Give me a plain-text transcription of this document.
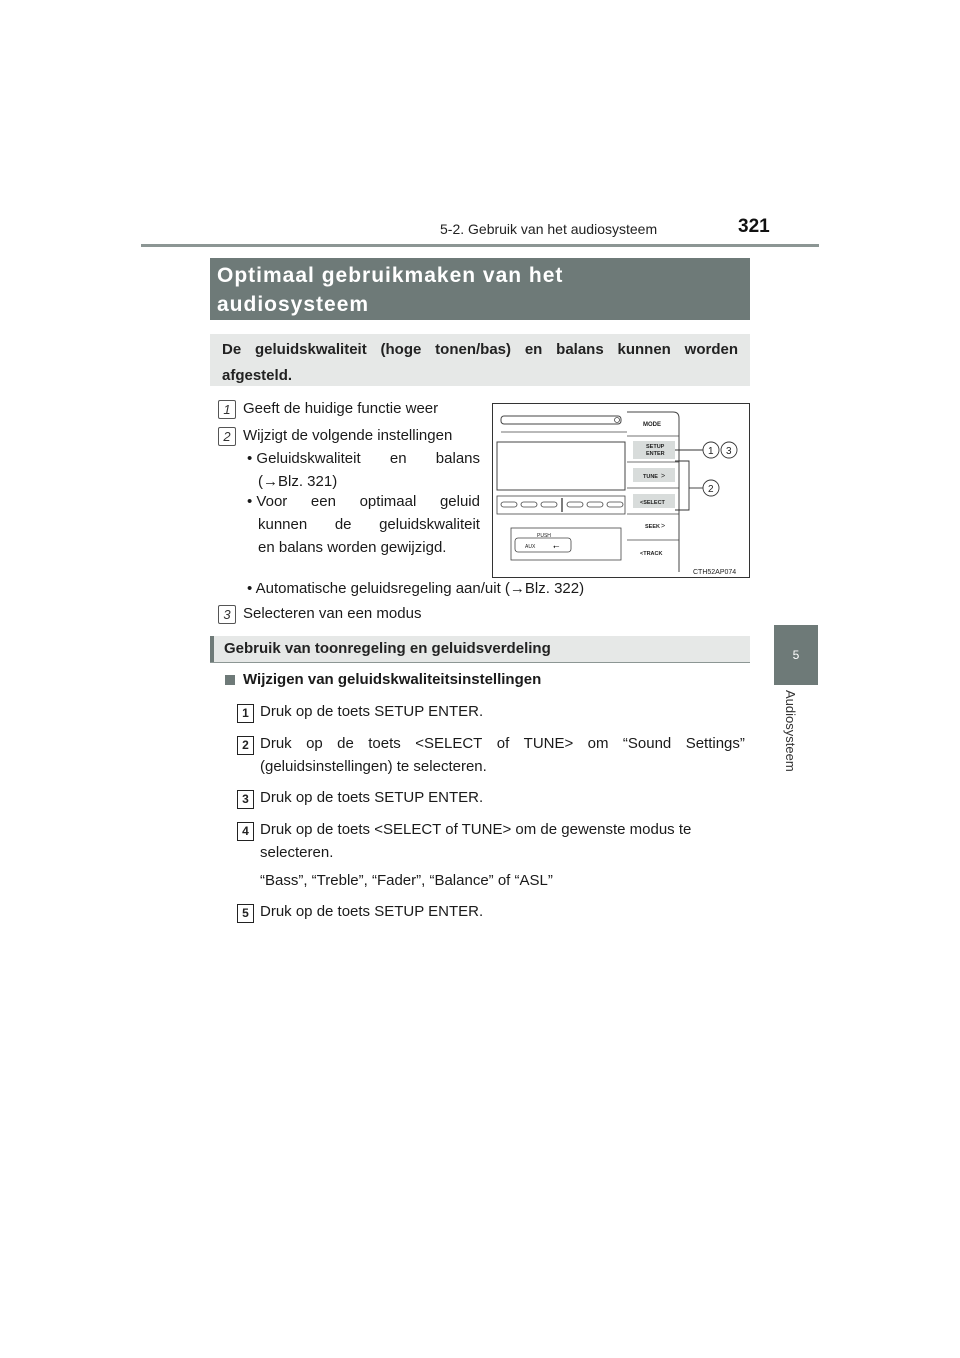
5-2. Gebruik van het audiosysteem	321
5
Audiosysteem
Optimaal gebruikmaken van het
audiosysteem
De geluidskwaliteit (hoge tonen/bas) en balans kunnen worden
afgesteld.
1 Geeft de huidige functie weer
2 Wijzigt de volgende instellingen
• Geluidskwaliteit en balans
(→Blz. 321)
• Voor een optimaal geluid
kunnen de geluidskwaliteit
en balans worden gewijzigd.
• Automatische geluidsregeling aan/uit (→Blz. 322)
3 Selecteren van een modus
PUSH
AUX ⭠
MODE
SETUP
ENTER
TUNE >
<SELECT
SEEK >
<TRACK
1 3
2
CTH52AP074
Gebruik van toonregeling en geluidsverdeling
Wijzigen van geluidskwaliteitsinstellingen
1 Druk op de toets SETUP ENTER.
2 Druk op de toets <SELECT of TUNE> om “Sound Settings”
(geluidsinstellingen) te selecteren.
3 Druk op de toets SETUP ENTER.
4 Druk op de toets <SELECT of TUNE> om de gewenste modus te
selecteren.
“Bass”, “Treble”, “Fader”, “Balance” of “ASL”
5 Druk op de toets SETUP ENTER.
